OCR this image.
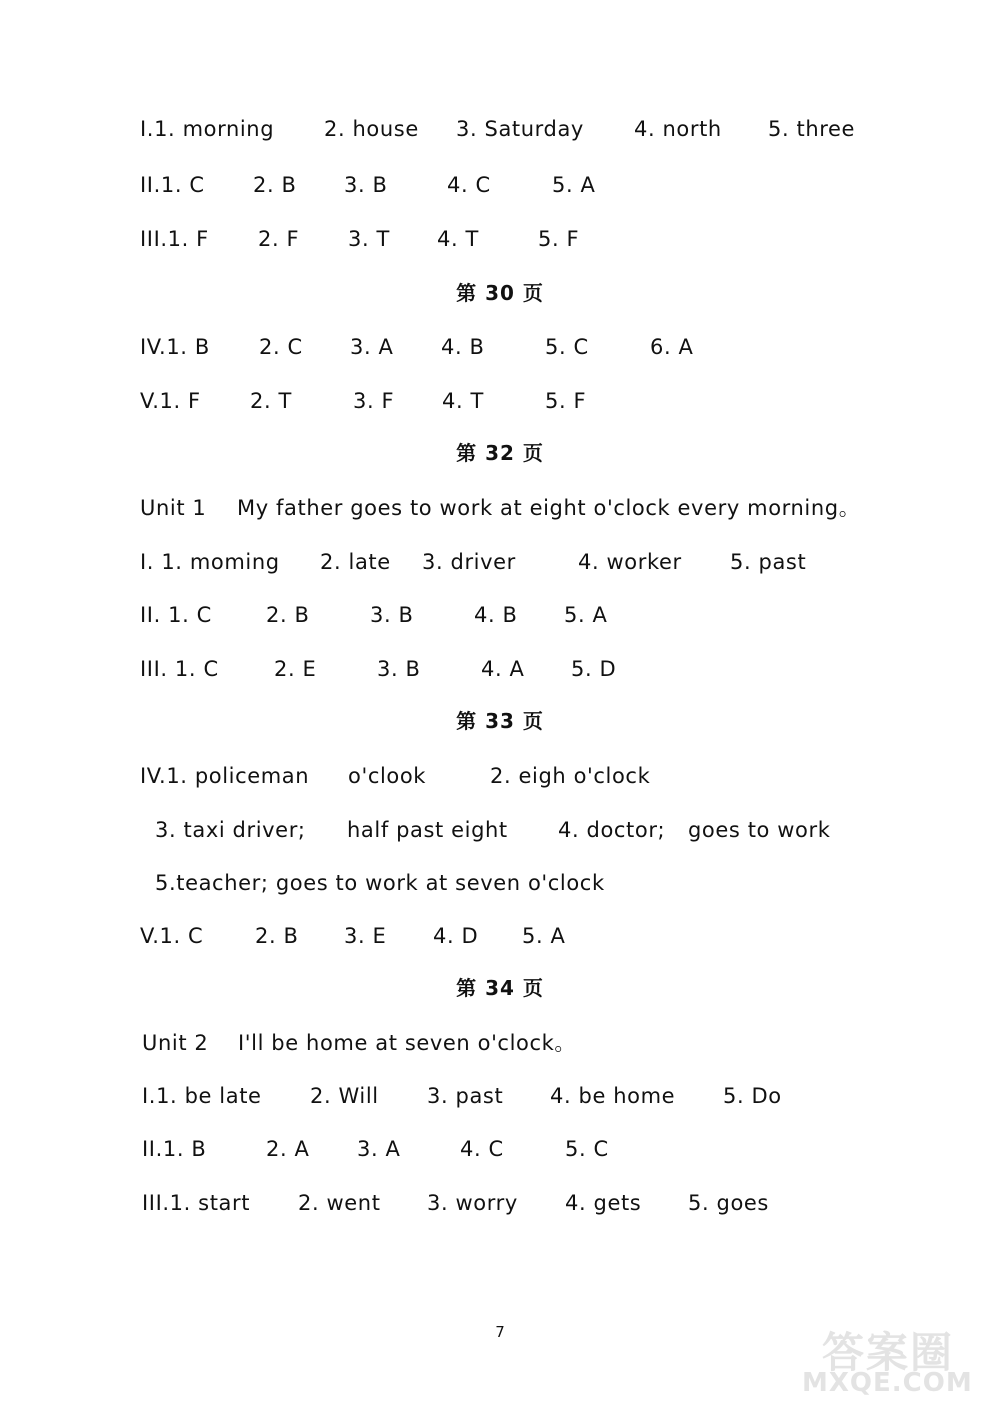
I.1. morning 2. house 3. Saturday 4. north 5. three
II.1. C 2. B 3. B	4. C	5. A
III.1. F 2. F 3. T 4. T	5. F
第 30 页
IV.1. B 2. C 3. A 4. B	5. C	6. A
V.1. F 2. T	3. F 4. T	5. F
第 32 页
Unit 1 My father goes to work at eight o'clock every morning。
I. 1. moming 2. late 3. driver	4. worker 5. past
II. 1. C	2. B	3. B	4. B 5. A
III. 1. C	2. E	3. B	4. A 5. D
第 33 页
IV.1. policeman o'clook	2. eigh o'clock
3. taxi driver; half past eight 4. doctor; goes to work
5.teacher; goes to work at seven o'clock
V.1. C 2. B 3. E 4. D 5. A
第 34 页
Unit 2 I'll be home at seven o'clock。
I.1. be late 2. Will 3. past 4. be home 5. Do
II.1. B	2. A 3. A	4. C	5. C
III.1. start 2. went 3. worry 4. gets 5. goes
7	答案圈
MXQE.COM
